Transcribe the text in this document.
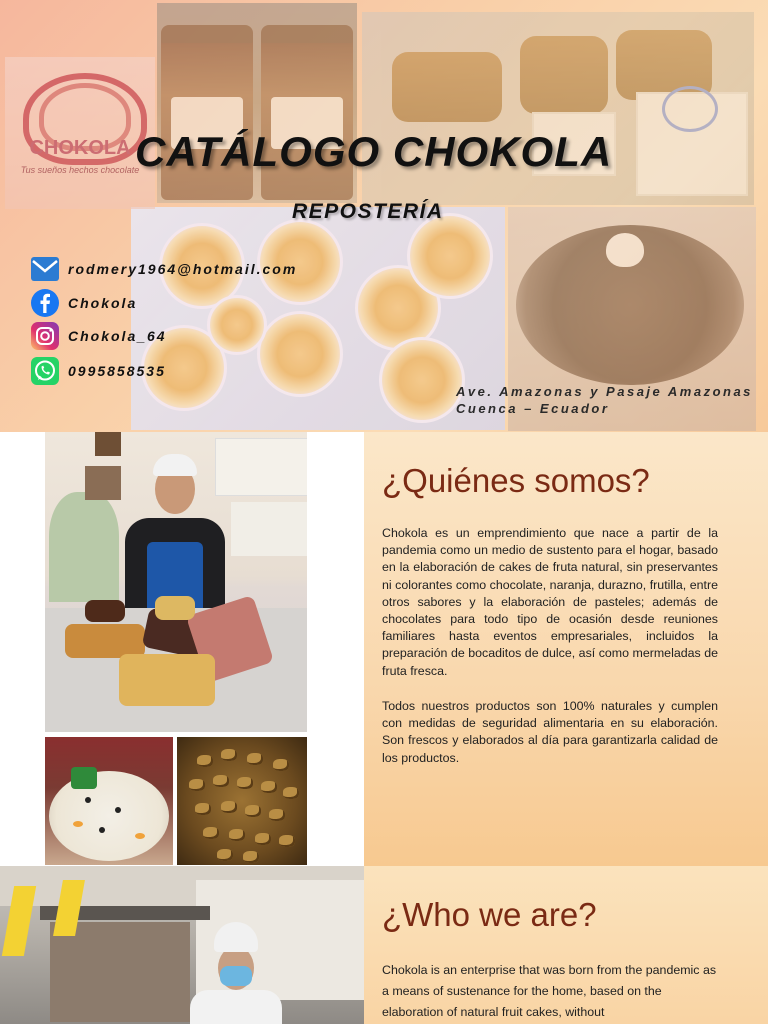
CHOKOLA
Tus sueños hechos chocolate
CATÁLOGO CHOKOLA
REPOSTERÍA
rodmery1964@hotmail.com
Chokola
Chokola_64
0995858535
Ave. Amazonas y Pasaje Amazonas
Cuenca – Ecuador
¿Quiénes somos?

Chokola es un emprendimiento que nace a partir de la pandemia como un medio de sustento para el hogar, basado en la elaboración de cakes de fruta natural, sin preservantes ni colorantes como chocolate, naranja, durazno, frutilla, entre otros sabores y la elaboración de pasteles; además de chocolates para todo tipo de ocasión desde reuniones familiares hasta eventos empresariales, incluidos la preparación de bocaditos de dulce, así como mermeladas de fruta fresca.

Todos nuestros productos son 100% naturales y cumplen con medidas de seguridad alimentaria en su elaboración. Son frescos y elaborados al día para garantizarla calidad de los productos.

¿Who we are?

Chokola is an enterprise that was born from the pandemic as a means of sustenance for the home, based on the elaboration of natural fruit cakes, without
